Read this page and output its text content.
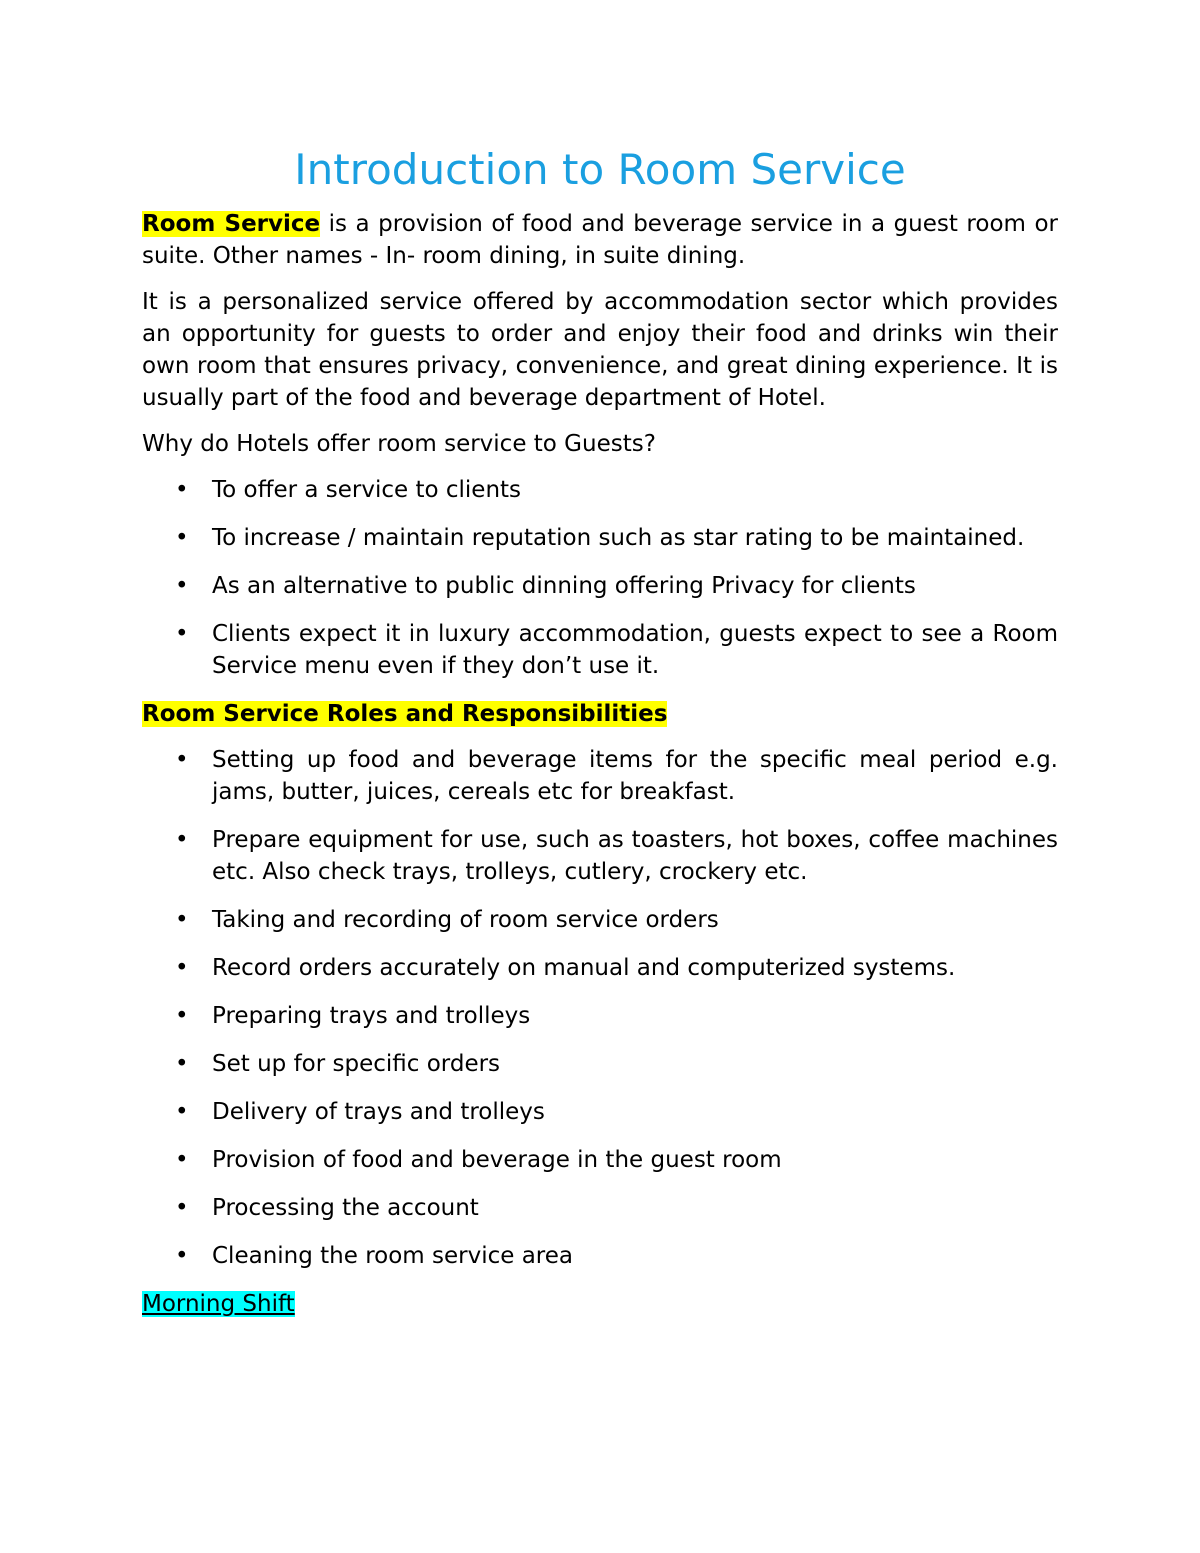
Introduction to Room Service

Room Service is a provision of food and beverage service in a guest room or suite. Other names - In- room dining, in suite dining.

It is a personalized service offered by accommodation sector which provides an opportunity for guests to order and enjoy their food and drinks win their own room that ensures privacy, convenience, and great dining experience. It is usually part of the food and beverage department of Hotel.

Why do Hotels offer room service to Guests?

• To offer a service to clients
• To increase / maintain reputation such as star rating to be maintained.
• As an alternative to public dinning offering Privacy for clients
• Clients expect it in luxury accommodation, guests expect to see a Room Service menu even if they don’t use it.
Room Service Roles and Responsibilities
• Setting up food and beverage items for the specific meal period e.g. jams, butter, juices, cereals etc for breakfast.
• Prepare equipment for use, such as toasters, hot boxes, coffee machines etc. Also check trays, trolleys, cutlery, crockery etc.
• Taking and recording of room service orders
• Record orders accurately on manual and computerized systems.
• Preparing trays and trolleys
• Set up for specific orders
• Delivery of trays and trolleys
• Provision of food and beverage in the guest room
• Processing the account
• Cleaning the room service area
Morning Shift
